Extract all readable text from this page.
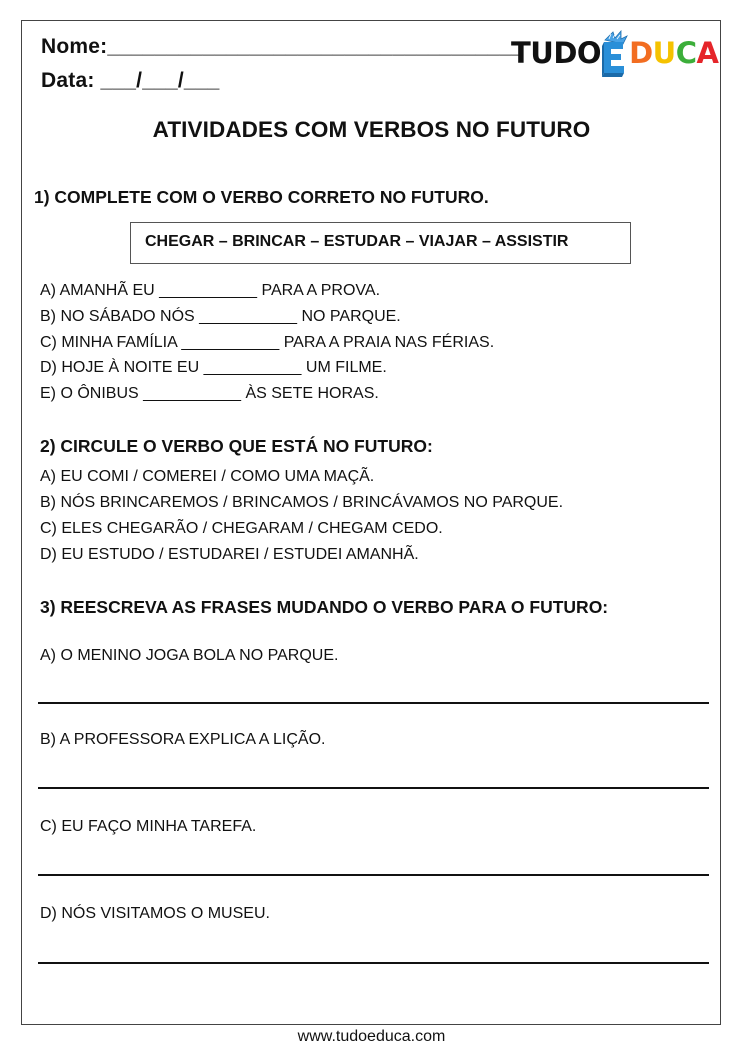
Nome:___________________________________
Data: ___/___/___
TUDO D U C A
ATIVIDADES COM VERBOS NO FUTURO
1) COMPLETE COM O VERBO CORRETO NO FUTURO.
CHEGAR – BRINCAR – ESTUDAR – VIAJAR – ASSISTIR
A) AMANHÃ EU ___________ PARA A PROVA.
B) NO SÁBADO NÓS ___________ NO PARQUE.
C) MINHA FAMÍLIA ___________ PARA A PRAIA NAS FÉRIAS.
D) HOJE À NOITE EU ___________ UM FILME.
E) O ÔNIBUS ___________ ÀS SETE HORAS.
2) CIRCULE O VERBO QUE ESTÁ NO FUTURO:
A) EU COMI / COMEREI / COMO UMA MAÇÃ.
B) NÓS BRINCAREMOS / BRINCAMOS / BRINCÁVAMOS NO PARQUE.
C) ELES CHEGARÃO / CHEGARAM / CHEGAM CEDO.
D) EU ESTUDO / ESTUDAREI / ESTUDEI AMANHÃ.
3) REESCREVA AS FRASES MUDANDO O VERBO PARA O FUTURO:
A) O MENINO JOGA BOLA NO PARQUE.
B) A PROFESSORA EXPLICA A LIÇÃO.
C) EU FAÇO MINHA TAREFA.
D) NÓS VISITAMOS O MUSEU.
www.tudoeduca.com
